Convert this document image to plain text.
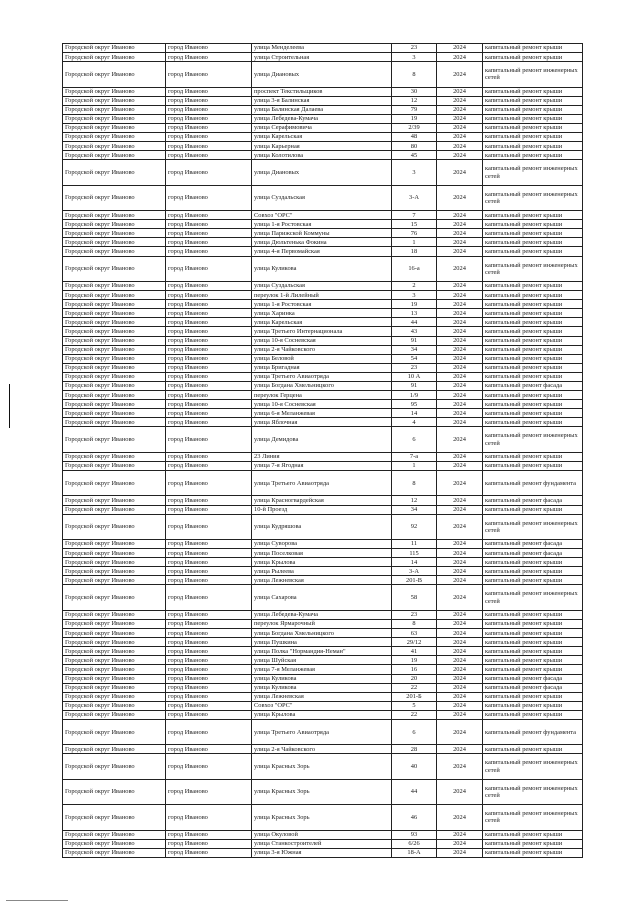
Городской округ Иваново	город Иваново	улица Менделеева	23	2024	капитальный ремонт крыши
Городской округ Иваново	город Иваново	улица Строительная	3	2024	капитальный ремонт крыши
Городской округ Иваново	город Иваново	улица Диановых	8	2024	капитальный ремонт инженерных сетей
Городской округ Иваново	город Иваново	проспект Текстильщиков	30	2024	капитальный ремонт крыши
Городской округ Иваново	город Иваново	улица 3-я Балинская	12	2024	капитальный ремонт крыши
Городской округ Иваново	город Иваново	улица Балинская Далаева	79	2024	капитальный ремонт крыши
Городской округ Иваново	город Иваново	улица Лебедева-Кумача	19	2024	капитальный ремонт крыши
Городской округ Иваново	город Иваново	улица Серафимовича	2/39	2024	капитальный ремонт крыши
Городской округ Иваново	город Иваново	улица Карельская	48	2024	капитальный ремонт крыши
Городской округ Иваново	город Иваново	улица Карьерная	80	2024	капитальный ремонт крыши
Городской округ Иваново	город Иваново	улица Колотилова	45	2024	капитальный ремонт крыши
Городской округ Иваново	город Иваново	улица Диановых	3	2024	капитальный ремонт инженерных сетей
Городской округ Иваново	город Иваново	улица Суздальская	3-А	2024	капитальный ремонт инженерных сетей
Городской округ Иваново	город Иваново	Совхоз "ОРС"	7	2024	капитальный ремонт крыши
Городской округ Иваново	город Иваново	улица 1-я Ростовская	15	2024	капитальный ремонт крыши
Городской округ Иваново	город Иваново	улица Парижской Коммуны	76	2024	капитальный ремонт крыши
Городской округ Иваново	город Иваново	улица Дюльтенька Фокина	1	2024	капитальный ремонт крыши
Городской округ Иваново	город Иваново	улица 4-я Первомайская	18	2024	капитальный ремонт крыши
Городской округ Иваново	город Иваново	улица Куликова	16-а	2024	капитальный ремонт инженерных сетей
Городской округ Иваново	город Иваново	улица Суздальская	2	2024	капитальный ремонт крыши
Городской округ Иваново	город Иваново	переулок 1-й Лилейный	3	2024	капитальный ремонт крыши
Городской округ Иваново	город Иваново	улица 1-я Ростовская	19	2024	капитальный ремонт крыши
Городской округ Иваново	город Иваново	улица Харинка	13	2024	капитальный ремонт крыши
Городской округ Иваново	город Иваново	улица Карельская	44	2024	капитальный ремонт крыши
Городской округ Иваново	город Иваново	улица Третьего Интернационала	43	2024	капитальный ремонт крыши
Городской округ Иваново	город Иваново	улица 10-я Сосневская	91	2024	капитальный ремонт крыши
Городской округ Иваново	город Иваново	улица 2-я Чайковского	34	2024	капитальный ремонт крыши
Городской округ Иваново	город Иваново	улица Беловой	54	2024	капитальный ремонт крыши
Городской округ Иваново	город Иваново	улица Бригадная	23	2024	капитальный ремонт крыши
Городской округ Иваново	город Иваново	улица Третьего Авиаотряда	10 А	2024	капитальный ремонт крыши
Городской округ Иваново	город Иваново	улица Богдана Хмельницкого	91	2024	капитальный ремонт фасада
Городской округ Иваново	город Иваново	переулок Герцена	1/9	2024	капитальный ремонт крыши
Городской округ Иваново	город Иваново	улица 10-я Сосневская	95	2024	капитальный ремонт крыши
Городской округ Иваново	город Иваново	улица 6-я Меланжевая	14	2024	капитальный ремонт крыши
Городской округ Иваново	город Иваново	улица Яблочная	4	2024	капитальный ремонт крыши
Городской округ Иваново	город Иваново	улица Демидова	6	2024	капитальный ремонт инженерных сетей
Городской округ Иваново	город Иваново	23 Линия	7-а	2024	капитальный ремонт крыши
Городской округ Иваново	город Иваново	улица 7-я Ягодная	1	2024	капитальный ремонт крыши
Городской округ Иваново	город Иваново	улица Третьего Авиаотряда	8	2024	капитальный ремонт фундамента
Городской округ Иваново	город Иваново	улица Красногвардейская	12	2024	капитальный ремонт фасада
Городской округ Иваново	город Иваново	10-й Проезд	34	2024	капитальный ремонт крыши
Городской округ Иваново	город Иваново	улица Кудряшова	92	2024	капитальный ремонт инженерных сетей
Городской округ Иваново	город Иваново	улица Суворова	11	2024	капитальный ремонт фасада
Городской округ Иваново	город Иваново	улица Поселковая	115	2024	капитальный ремонт фасада
Городской округ Иваново	город Иваново	улица Крылова	14	2024	капитальный ремонт крыши
Городской округ Иваново	город Иваново	улица Рылеева	3-А	2024	капитальный ремонт крыши
Городской округ Иваново	город Иваново	улица Лежневская	201-В	2024	капитальный ремонт крыши
Городской округ Иваново	город Иваново	улица Сахарова	58	2024	капитальный ремонт инженерных сетей
Городской округ Иваново	город Иваново	улица Лебедева-Кумача	23	2024	капитальный ремонт крыши
Городской округ Иваново	город Иваново	переулок Ярмарочный	8	2024	капитальный ремонт крыши
Городской округ Иваново	город Иваново	улица Богдана Хмельницкого	63	2024	капитальный ремонт крыши
Городской округ Иваново	город Иваново	улица Пушкина	29/12	2024	капитальный ремонт крыши
Городской округ Иваново	город Иваново	улица Полка "Нормандия-Неман"	41	2024	капитальный ремонт крыши
Городской округ Иваново	город Иваново	улица Шуйская	19	2024	капитальный ремонт крыши
Городской округ Иваново	город Иваново	улица 7-я Меланжевая	16	2024	капитальный ремонт крыши
Городской округ Иваново	город Иваново	улица Куликова	20	2024	капитальный ремонт фасада
Городской округ Иваново	город Иваново	улица Куликова	22	2024	капитальный ремонт фасада
Городской округ Иваново	город Иваново	улица Лежневская	201-Б	2024	капитальный ремонт крыши
Городской округ Иваново	город Иваново	Совхоз "ОРС"	5	2024	капитальный ремонт крыши
Городской округ Иваново	город Иваново	улица Крылова	22	2024	капитальный ремонт крыши
Городской округ Иваново	город Иваново	улица Третьего Авиаотряда	6	2024	капитальный ремонт фундамента
Городской округ Иваново	город Иваново	улица 2-я Чайковского	28	2024	капитальный ремонт крыши
Городской округ Иваново	город Иваново	улица Красных Зорь	40	2024	капитальный ремонт инженерных сетей
Городской округ Иваново	город Иваново	улица Красных Зорь	44	2024	капитальный ремонт инженерных сетей
Городской округ Иваново	город Иваново	улица Красных Зорь	46	2024	капитальный ремонт инженерных сетей
Городской округ Иваново	город Иваново	улица Окуловой	93	2024	капитальный ремонт крыши
Городской округ Иваново	город Иваново	улица Станкостроителей	6/26	2024	капитальный ремонт крыши
Городской округ Иваново	город Иваново	улица 3-я Южная	18-А	2024	капитальный ремонт крыши
